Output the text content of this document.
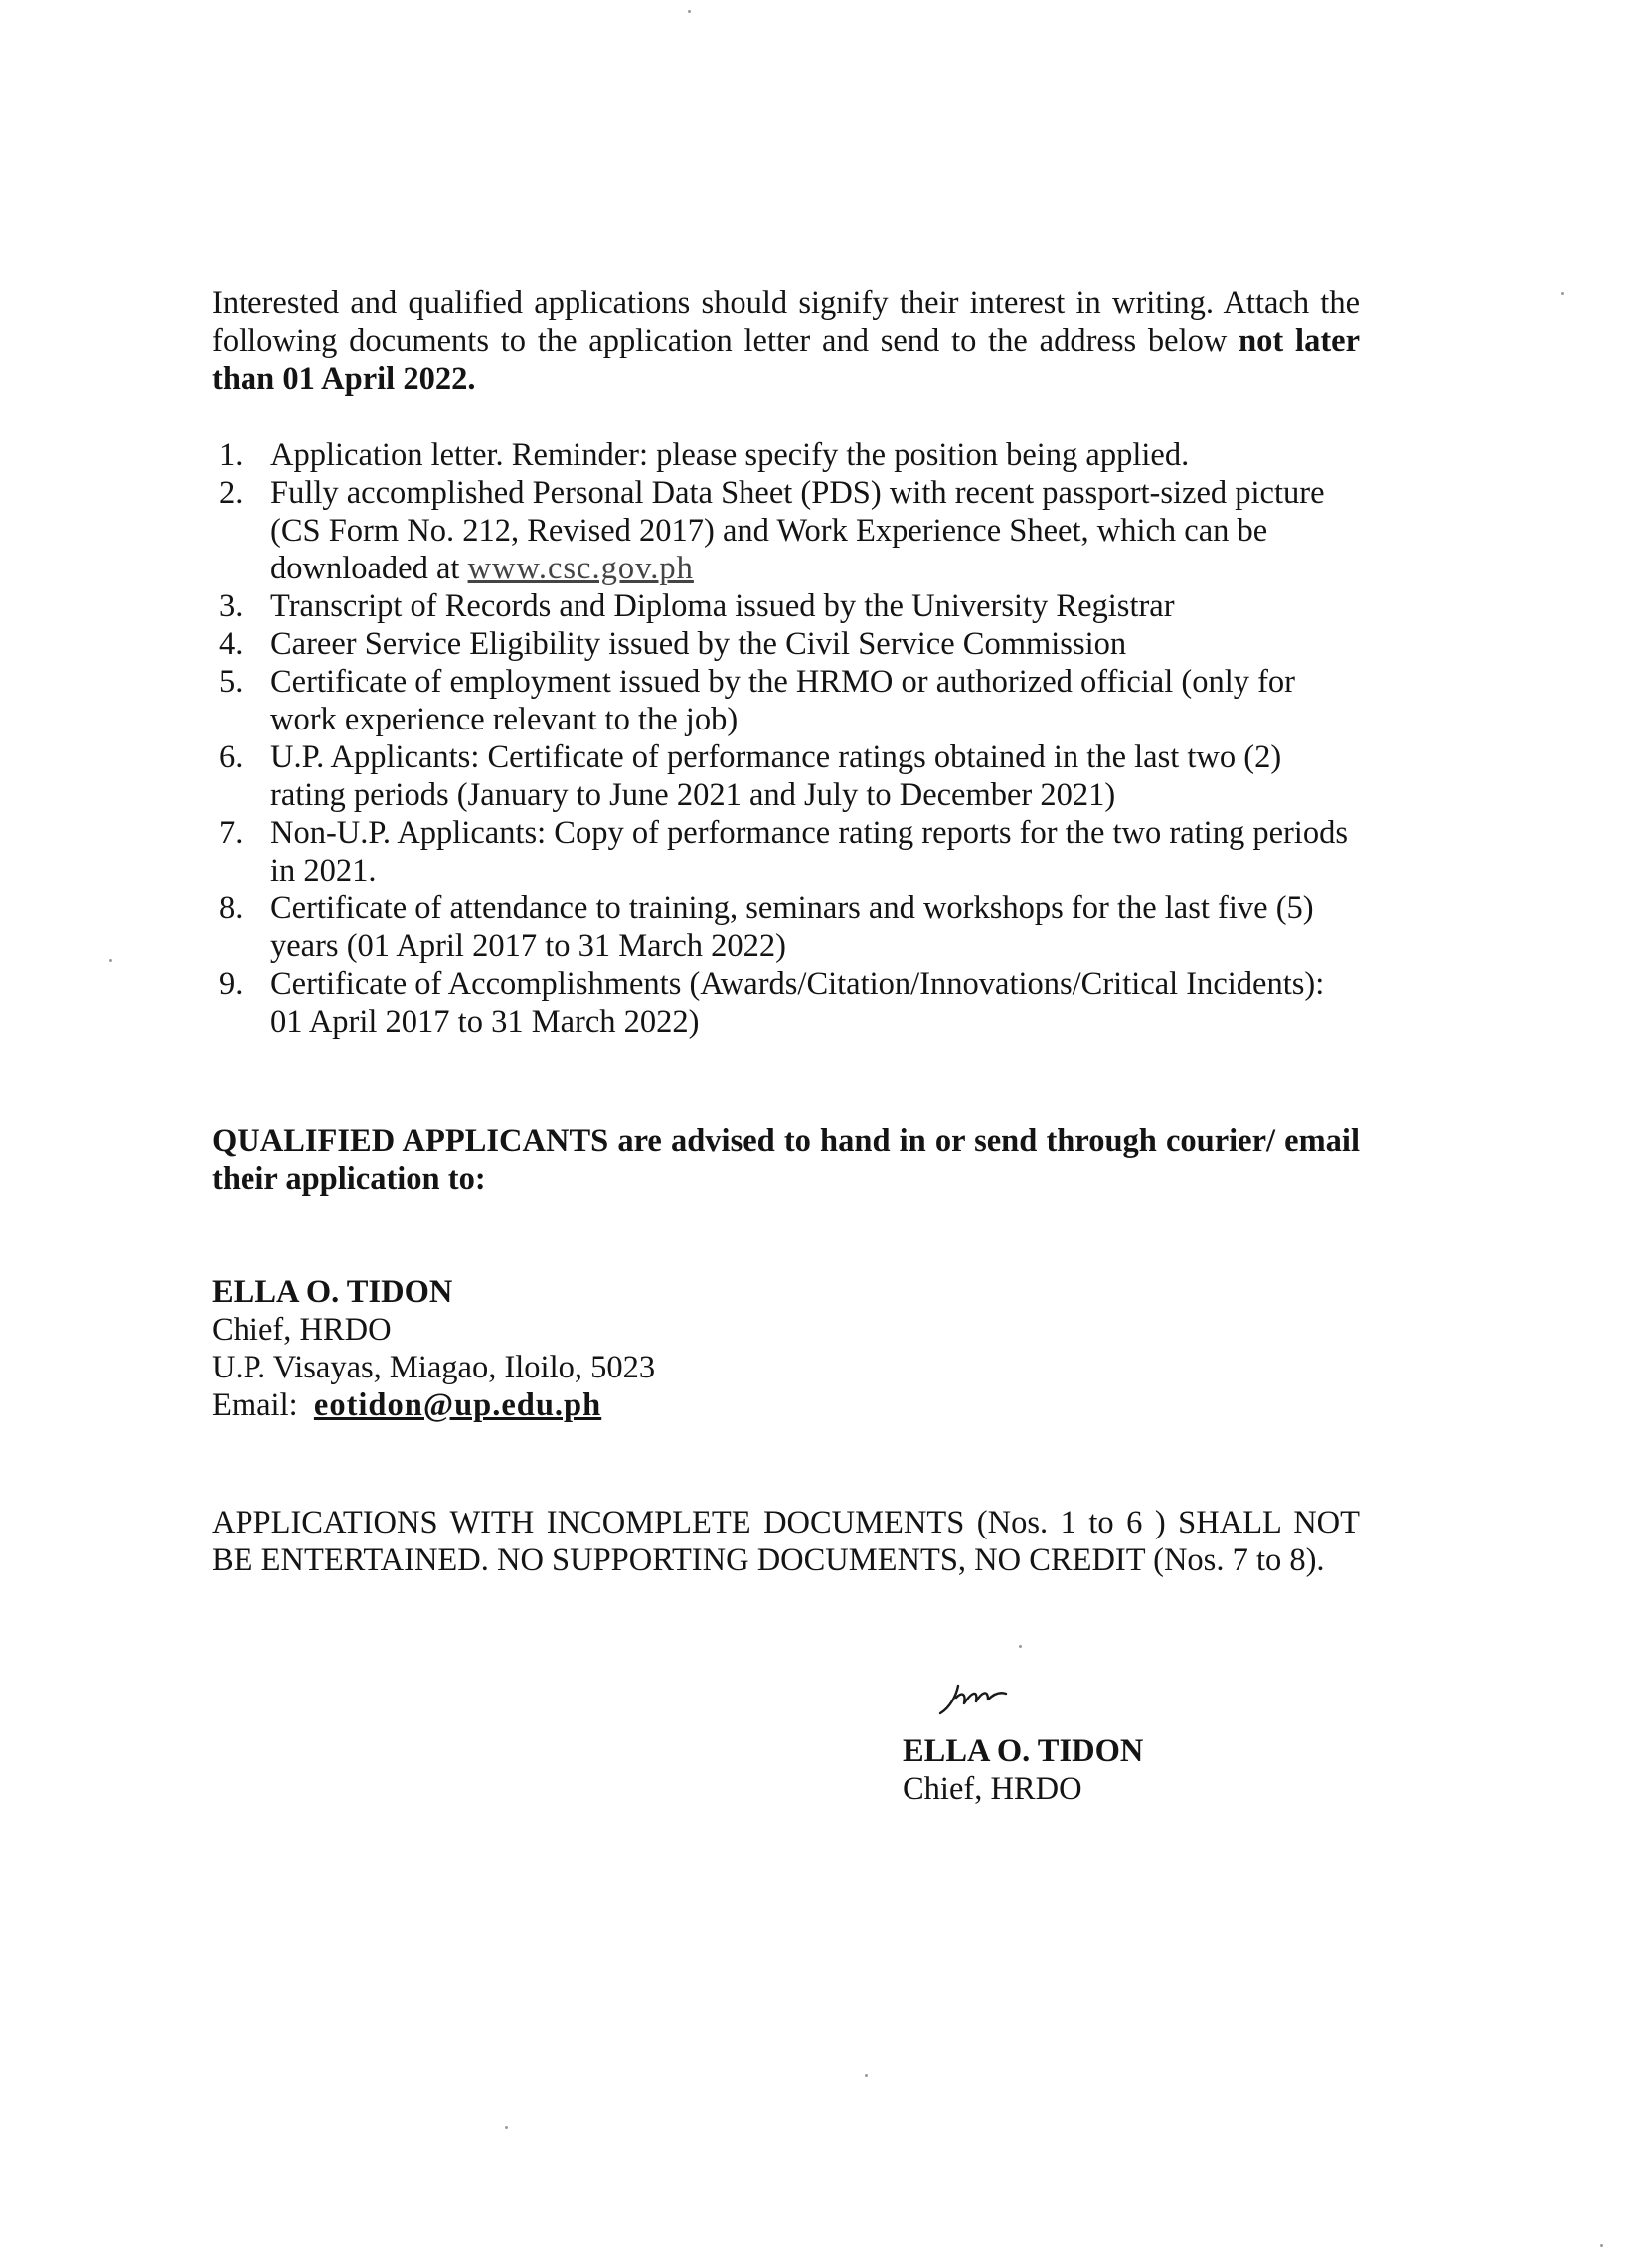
Interested and qualified applications should signify their interest in writing. Attach the following documents to the application letter and send to the address below not later than 01 April 2022.

1. Application letter. Reminder: please specify the position being applied.
2. Fully accomplished Personal Data Sheet (PDS) with recent passport-sized picture (CS Form No. 212, Revised 2017) and Work Experience Sheet, which can be downloaded at www.csc.gov.ph
3. Transcript of Records and Diploma issued by the University Registrar
4. Career Service Eligibility issued by the Civil Service Commission
5. Certificate of employment issued by the HRMO or authorized official (only for work experience relevant to the job)
6. U.P. Applicants: Certificate of performance ratings obtained in the last two (2) rating periods (January to June 2021 and July to December 2021)
7. Non-U.P. Applicants: Copy of performance rating reports for the two rating periods in 2021.
8. Certificate of attendance to training, seminars and workshops for the last five (5) years (01 April 2017 to 31 March 2022)
9. Certificate of Accomplishments (Awards/Citation/Innovations/Critical Incidents): 01 April 2017 to 31 March 2022)

QUALIFIED APPLICANTS are advised to hand in or send through courier/ email their application to:

ELLA O. TIDON
Chief, HRDO
U.P. Visayas, Miagao, Iloilo, 5023
Email: eotidon@up.edu.ph

APPLICATIONS WITH INCOMPLETE DOCUMENTS (Nos. 1 to 6 ) SHALL NOT BE ENTERTAINED. NO SUPPORTING DOCUMENTS, NO CREDIT (Nos. 7 to 8).

ELLA O. TIDON
Chief, HRDO
